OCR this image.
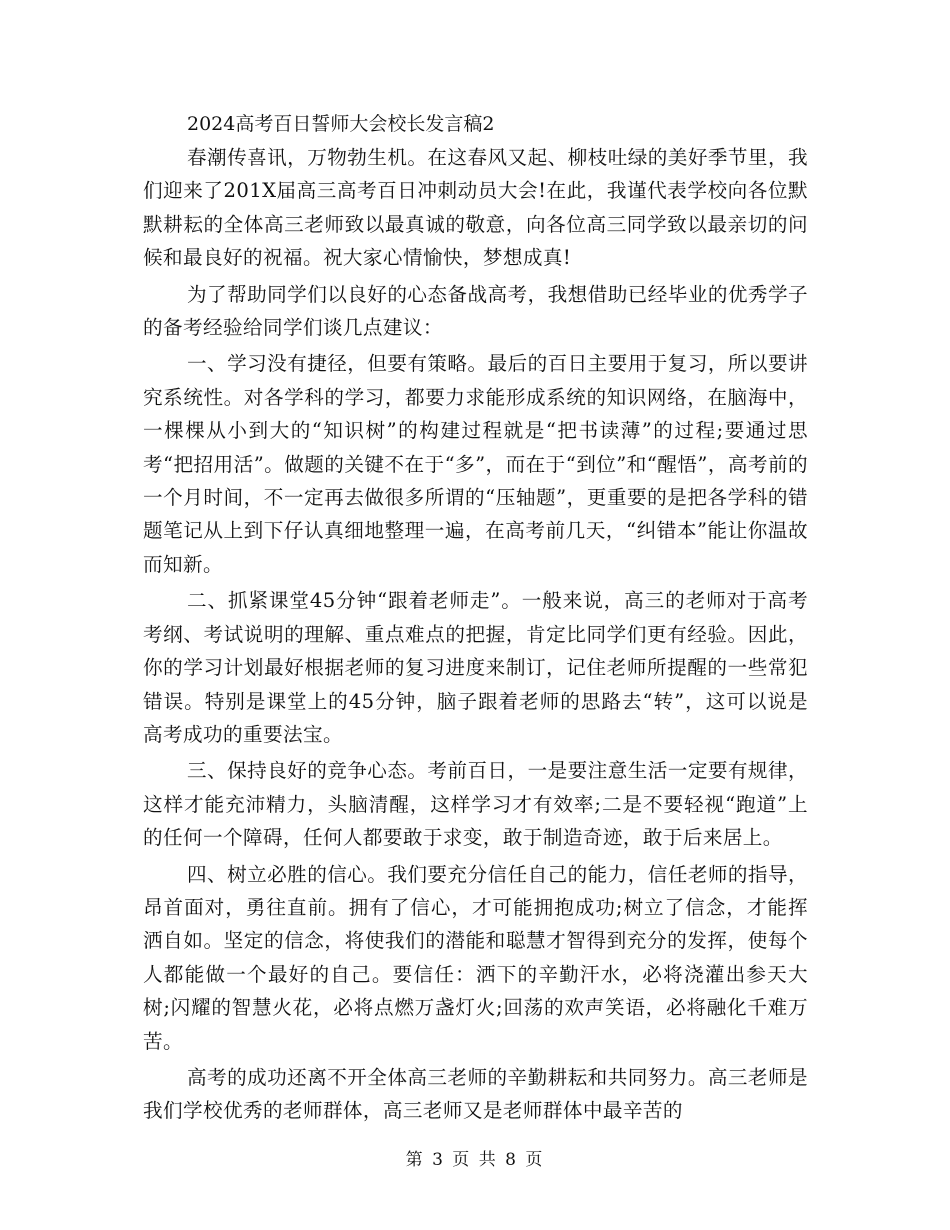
2024高考百日誓师大会校长发言稿2

春潮传喜讯，万物勃生机。在这春风又起、柳枝吐绿的美好季节里，我们迎来了201X届高三高考百日冲刺动员大会!在此，我谨代表学校向各位默默耕耘的全体高三老师致以最真诚的敬意，向各位高三同学致以最亲切的问候和最良好的祝福。祝大家心情愉快，梦想成真!

为了帮助同学们以良好的心态备战高考，我想借助已经毕业的优秀学子的备考经验给同学们谈几点建议：

一、学习没有捷径，但要有策略。最后的百日主要用于复习，所以要讲究系统性。对各学科的学习，都要力求能形成系统的知识网络，在脑海中，一棵棵从小到大的“知识树”的构建过程就是“把书读薄”的过程;要通过思考“把招用活”。做题的关键不在于“多”，而在于“到位”和“醒悟”，高考前的一个月时间，不一定再去做很多所谓的“压轴题”，更重要的是把各学科的错题笔记从上到下仔认真细地整理一遍，在高考前几天，“纠错本”能让你温故而知新。

二、抓紧课堂45分钟“跟着老师走”。一般来说，高三的老师对于高考考纲、考试说明的理解、重点难点的把握，肯定比同学们更有经验。因此，你的学习计划最好根据老师的复习进度来制订，记住老师所提醒的一些常犯错误。特别是课堂上的45分钟，脑子跟着老师的思路去“转”，这可以说是高考成功的重要法宝。

三、保持良好的竞争心态。考前百日，一是要注意生活一定要有规律，这样才能充沛精力，头脑清醒，这样学习才有效率;二是不要轻视“跑道”上的任何一个障碍，任何人都要敢于求变，敢于制造奇迹，敢于后来居上。

四、树立必胜的信心。我们要充分信任自己的能力，信任老师的指导，昂首面对，勇往直前。拥有了信心，才可能拥抱成功;树立了信念，才能挥洒自如。坚定的信念，将使我们的潜能和聪慧才智得到充分的发挥，使每个人都能做一个最好的自己。要信任：洒下的辛勤汗水，必将浇灌出参天大树;闪耀的智慧火花，必将点燃万盏灯火;回荡的欢声笑语，必将融化千难万苦。

高考的成功还离不开全体高三老师的辛勤耕耘和共同努力。高三老师是我们学校优秀的老师群体，高三老师又是老师群体中最辛苦的

第 3 页 共 8 页
